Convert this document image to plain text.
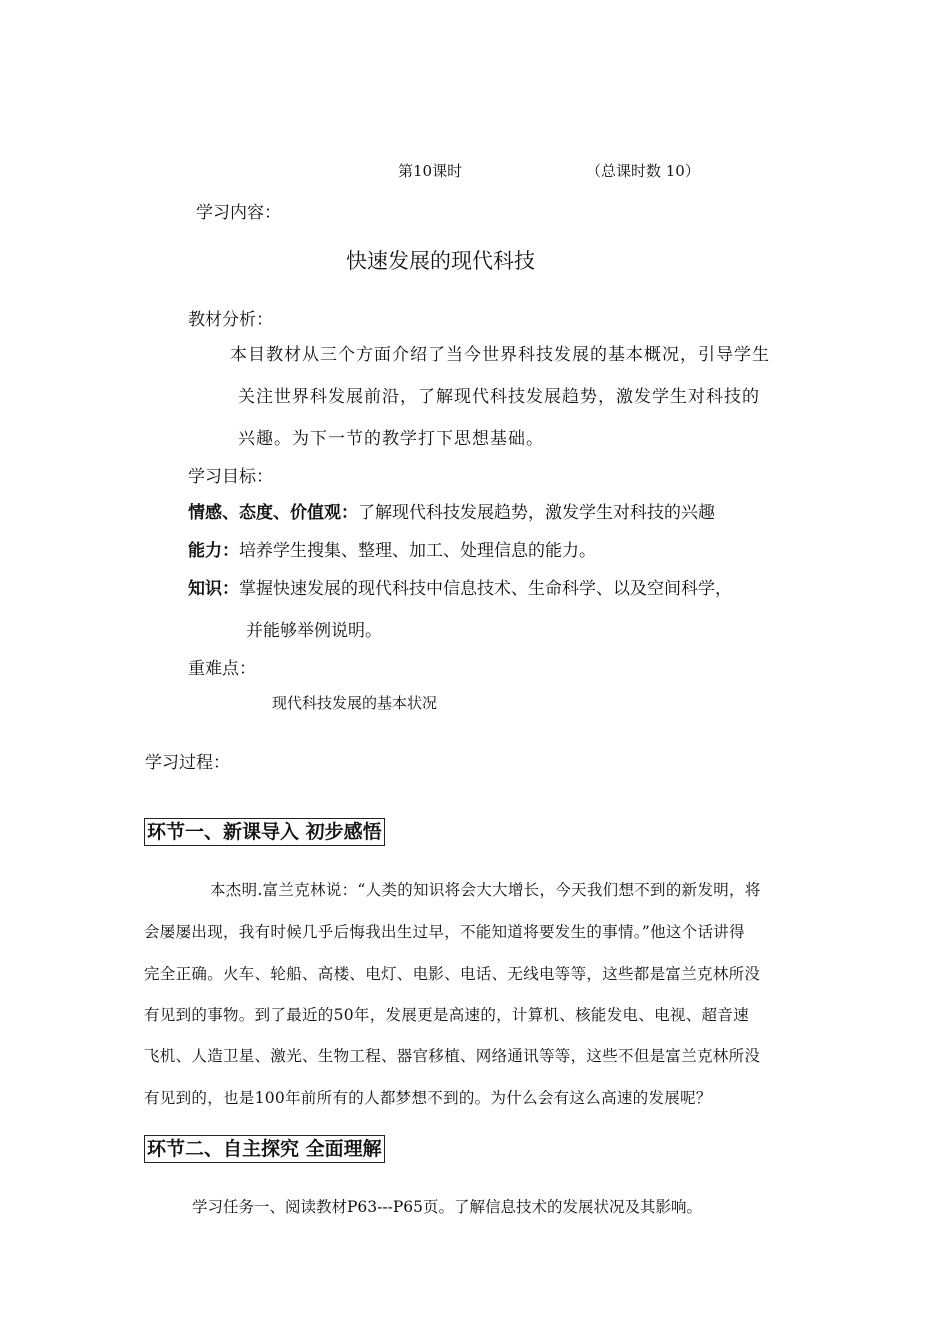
第10课时	（总课时数 10）
学习内容：
快速发展的现代科技
教材分析：
本目教材从三个方面介绍了当今世界科技发展的基本概况，引导学生
关注世界科发展前沿，了解现代科技发展趋势，激发学生对科技的
兴趣。为下一节的教学打下思想基础。
学习目标：
情感、态度、价值观：了解现代科技发展趋势，激发学生对科技的兴趣
能力：培养学生搜集、整理、加工、处理信息的能力。
知识：掌握快速发展的现代科技中信息技术、生命科学、以及空间科学，
并能够举例说明。
重难点：
现代科技发展的基本状况
学习过程：
环节一、新课导入 初步感悟
本杰明.富兰克林说：“人类的知识将会大大增长，今天我们想不到的新发明，将
会屡屡出现，我有时候几乎后悔我出生过早，不能知道将要发生的事情。”他这个话讲得
完全正确。火车、轮船、高楼、电灯、电影、电话、无线电等等，这些都是富兰克林所没
有见到的事物。到了最近的50年，发展更是高速的，计算机、核能发电、电视、超音速
飞机、人造卫星、激光、生物工程、器官移植、网络通讯等等，这些不但是富兰克林所没
有见到的，也是100年前所有的人都梦想不到的。为什么会有这么高速的发展呢？
环节二、自主探究 全面理解
学习任务一、阅读教材P63---P65页。了解信息技术的发展状况及其影响。
